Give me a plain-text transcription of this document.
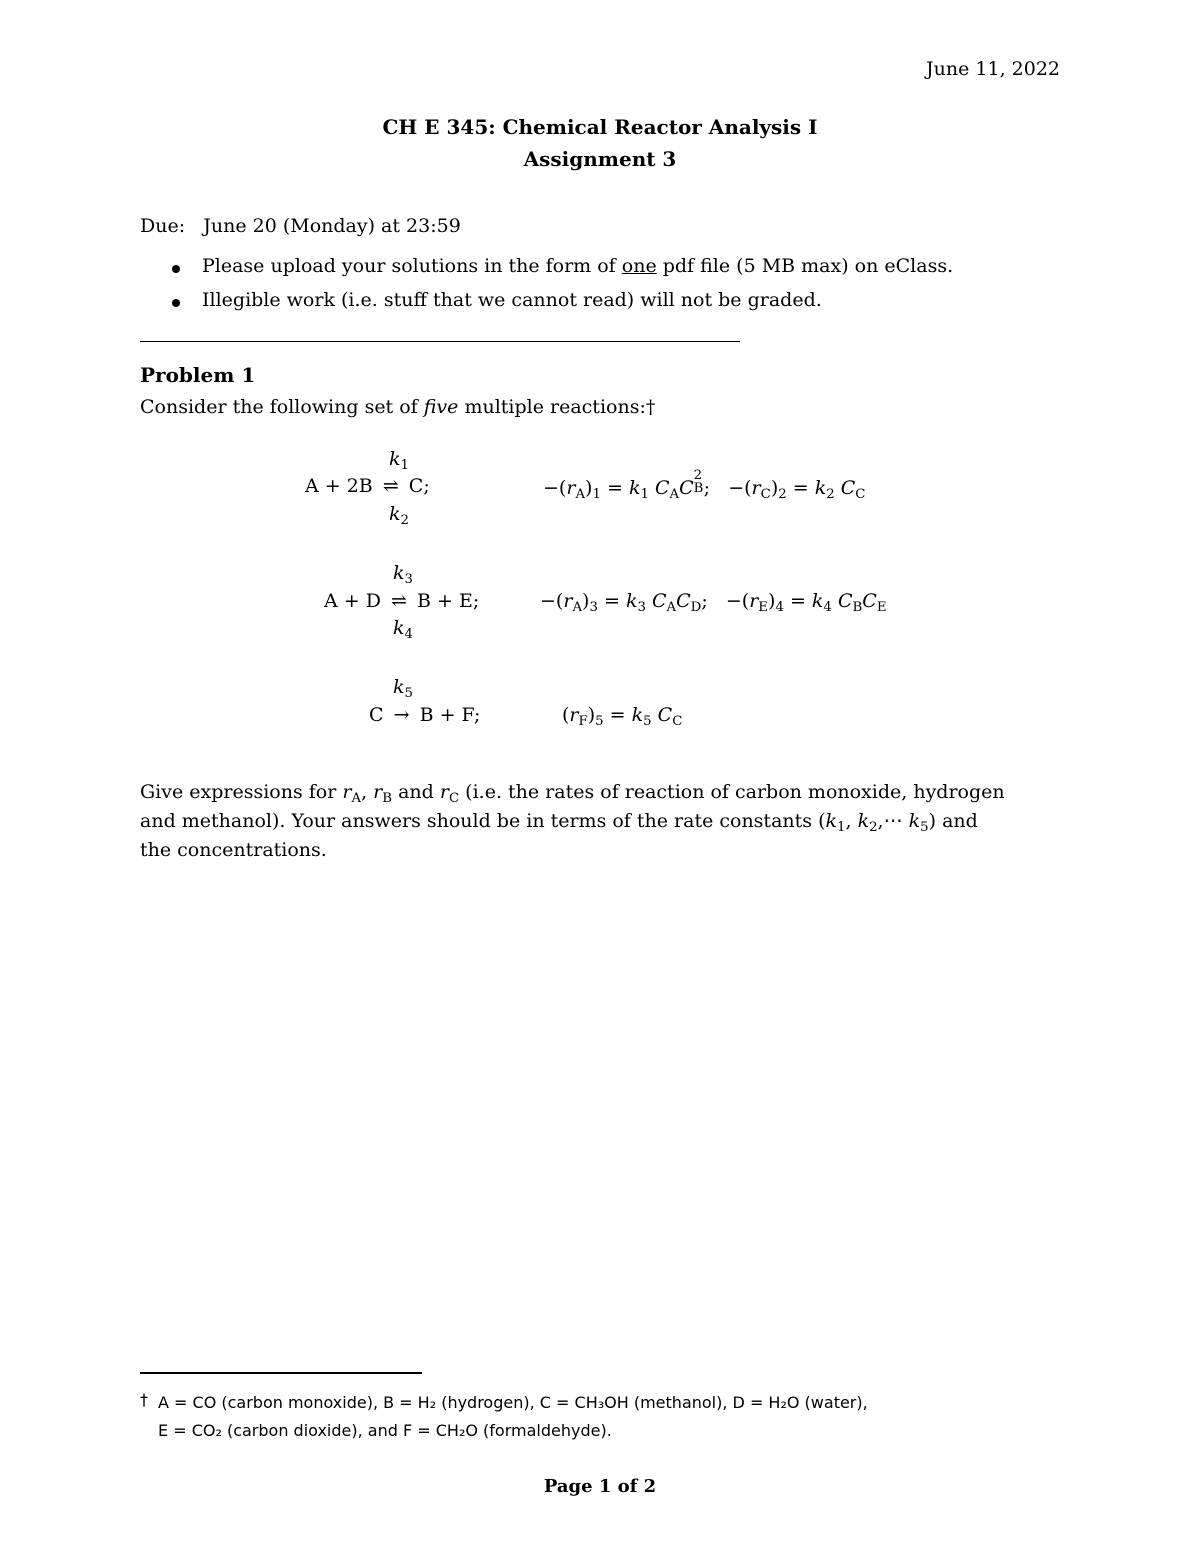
June 11, 2022
CH E 345: Chemical Reactor Analysis I
Assignment 3
Due: June 20 (Monday) at 23:59
Please upload your solutions in the form of one pdf file (5 MB max) on eClass.
Illegible work (i.e. stuff that we cannot read) will not be graded.
Problem 1
Consider the following set of five multiple reactions:†
$k_1$
A + 2B ⇌ C;
$k_2$
$-(r_A)_1 = k_1$ $C_AC$
2
B ;   $-(r_C)_2 = k_2$ $C_C$
$k_3$
A + D ⇌ B + E;
$k_4$
$-(r_A)_3 = k_3$ $C_AC_D$;   $-(r_E)_4 = k_4$ $C_BC_E$
$k_5$
C → B + F;	$(r_F)_5 = k_5$ $C_C$
Give expressions for $r_A$, $r_B$ and $r_C$ (i.e. the rates of reaction of carbon monoxide, hydrogen
and methanol). Your answers should be in terms of the rate constants ($k_1$, $k_2,\cdots$ $k_5$) and
the concentrations.
† A = CO (carbon monoxide), B = H₂ (hydrogen), C = CH₃OH (methanol), D = H₂O (water),
E = CO₂ (carbon dioxide), and F = CH₂O (formaldehyde).
Page 1 of 2
